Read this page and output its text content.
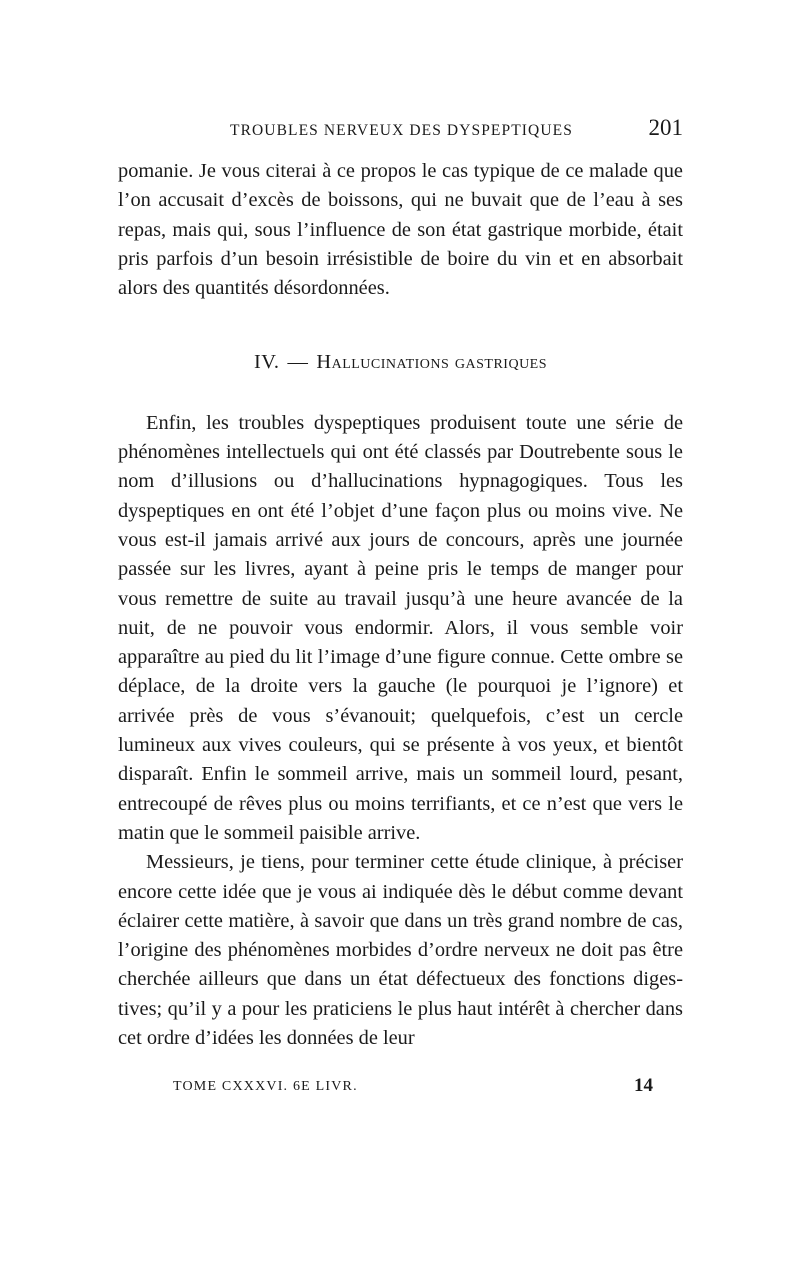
TROUBLES NERVEUX DES DYSPEPTIQUES	201

pomanie. Je vous citerai à ce propos le cas typique de ce malade que l’on accusait d’excès de boissons, qui ne buvait que de l’eau à ses repas, mais qui, sous l’influence de son état gastrique morbide, était pris parfois d’un besoin irrésistible de boire du vin et en absorbait alors des quantités désordonnées.

IV. — Hallucinations gastriques

Enfin, les troubles dyspeptiques produisent toute une série de phénomènes intellectuels qui ont été classés par Doutrebente sous le nom d’illusions ou d’hallucinations hypnagogiques. Tous les dyspeptiques en ont été l’objet d’une façon plus ou moins vive. Ne vous est-il jamais arrivé aux jours de concours, après une journée passée sur les livres, ayant à peine pris le temps de manger pour vous remettre de suite au travail jusqu’à une heure avancée de la nuit, de ne pouvoir vous endormir. Alors, il vous semble voir apparaître au pied du lit l’image d’une figure connue. Cette ombre se déplace, de la droite vers la gauche (le pourquoi je l’ignore) et arrivée près de vous s’évanouit; quelquefois, c’est un cercle lumineux aux vives couleurs, qui se présente à vos yeux, et bientôt disparaît. Enfin le sommeil arrive, mais un sommeil lourd, pesant, entrecoupé de rêves plus ou moins terrifiants, et ce n’est que vers le matin que le sommeil paisible arrive.

Messieurs, je tiens, pour terminer cette étude clinique, à préciser encore cette idée que je vous ai indiquée dès le début comme devant éclairer cette matière, à savoir que dans un très grand nombre de cas, l’origine des phénomènes morbides d’ordre nerveux ne doit pas être cherchée ailleurs que dans un état défectueux des fonctions digestives; qu’il y a pour les praticiens le plus haut intérêt à chercher dans cet ordre d’idées les données de leur

TOME CXXXVI. 6E LIVR.	14
